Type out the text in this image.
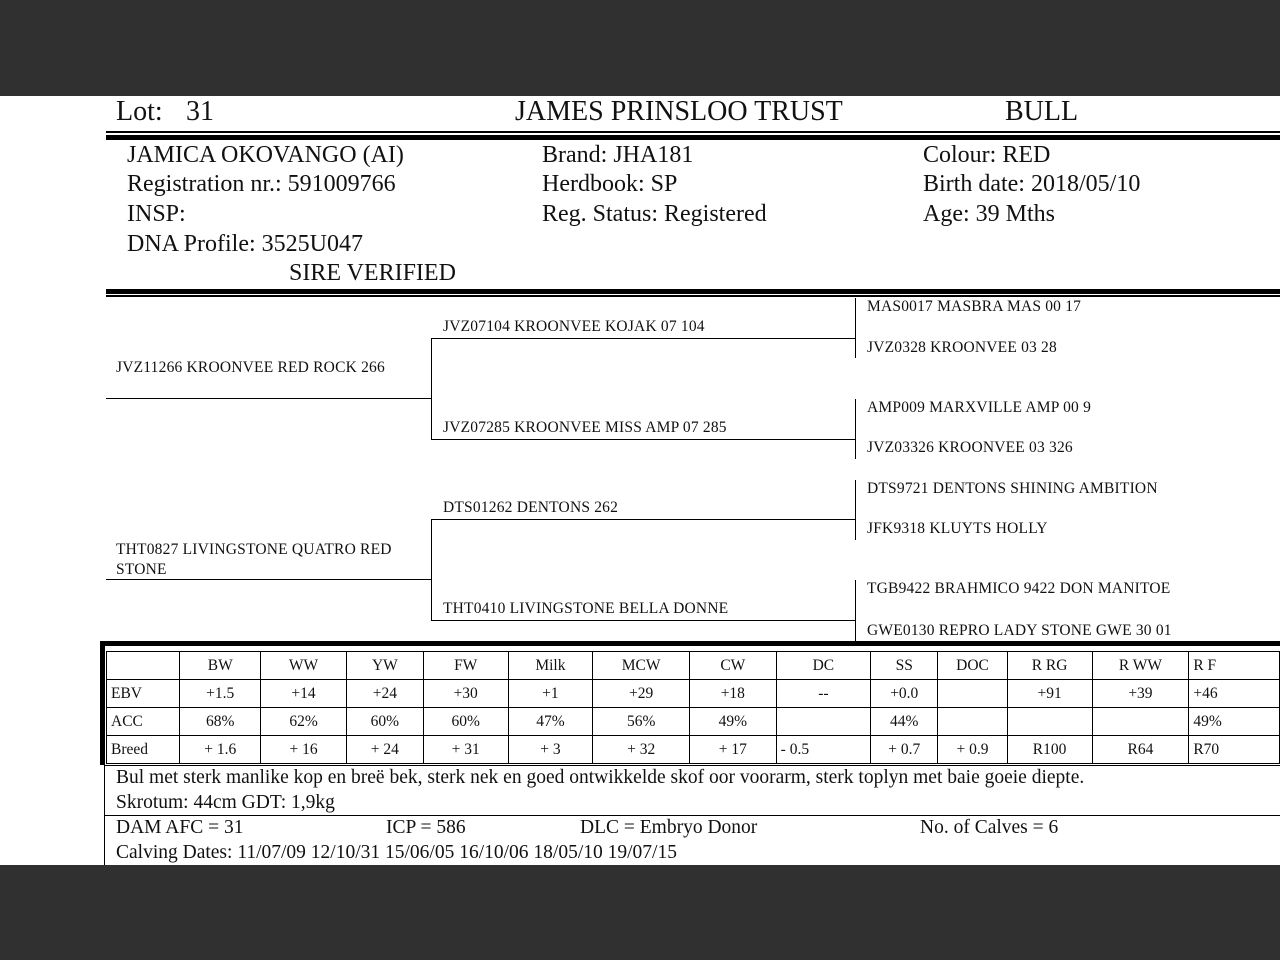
Lot: 31	JAMES PRINSLOO TRUST	BULL
JAMICA OKOVANGO (AI)
Registration nr.: 591009766
INSP:
DNA Profile: 3525U047
SIRE VERIFIED
Brand: JHA181
Herdbook: SP
Reg. Status: Registered
Colour: RED
Birth date: 2018/05/10
Age: 39 Mths
JVZ11266 KROONVEE RED ROCK 266
THT0827 LIVINGSTONE QUATRO RED STONE
JVZ07104 KROONVEE KOJAK 07 104
JVZ07285 KROONVEE MISS AMP 07 285
DTS01262 DENTONS 262
THT0410 LIVINGSTONE BELLA DONNE
MAS0017 MASBRA MAS 00 17
JVZ0328 KROONVEE 03 28
AMP009 MARXVILLE AMP 00 9
JVZ03326 KROONVEE 03 326
DTS9721 DENTONS SHINING AMBITION
JFK9318 KLUYTS HOLLY
TGB9422 BRAHMICO 9422 DON MANITOE
GWE0130 REPRO LADY STONE GWE 30 01
	BW	WW	YW	FW	Milk	MCW	CW	DC	SS	DOC	R RG	R WW	R F
EBV	+1.5	+14	+24	+30	+1	+29	+18	--	+0.0		+91	+39	+46
ACC	68%	62%	60%	60%	47%	56%	49%		44%				49%
Breed	+ 1.6	+ 16	+ 24	+ 31	+ 3	+ 32	+ 17	- 0.5	+ 0.7	+ 0.9	R100	R64	R70
Bul met sterk manlike kop en breë bek, sterk nek en goed ontwikkelde skof oor voorarm, sterk toplyn met baie goeie diepte.
Skrotum: 44cm GDT: 1,9kg
DAM AFC = 31	ICP = 586	DLC = Embryo Donor	No. of Calves = 6
Calving Dates: 11/07/09 12/10/31 15/06/05 16/10/06 18/05/10 19/07/15
